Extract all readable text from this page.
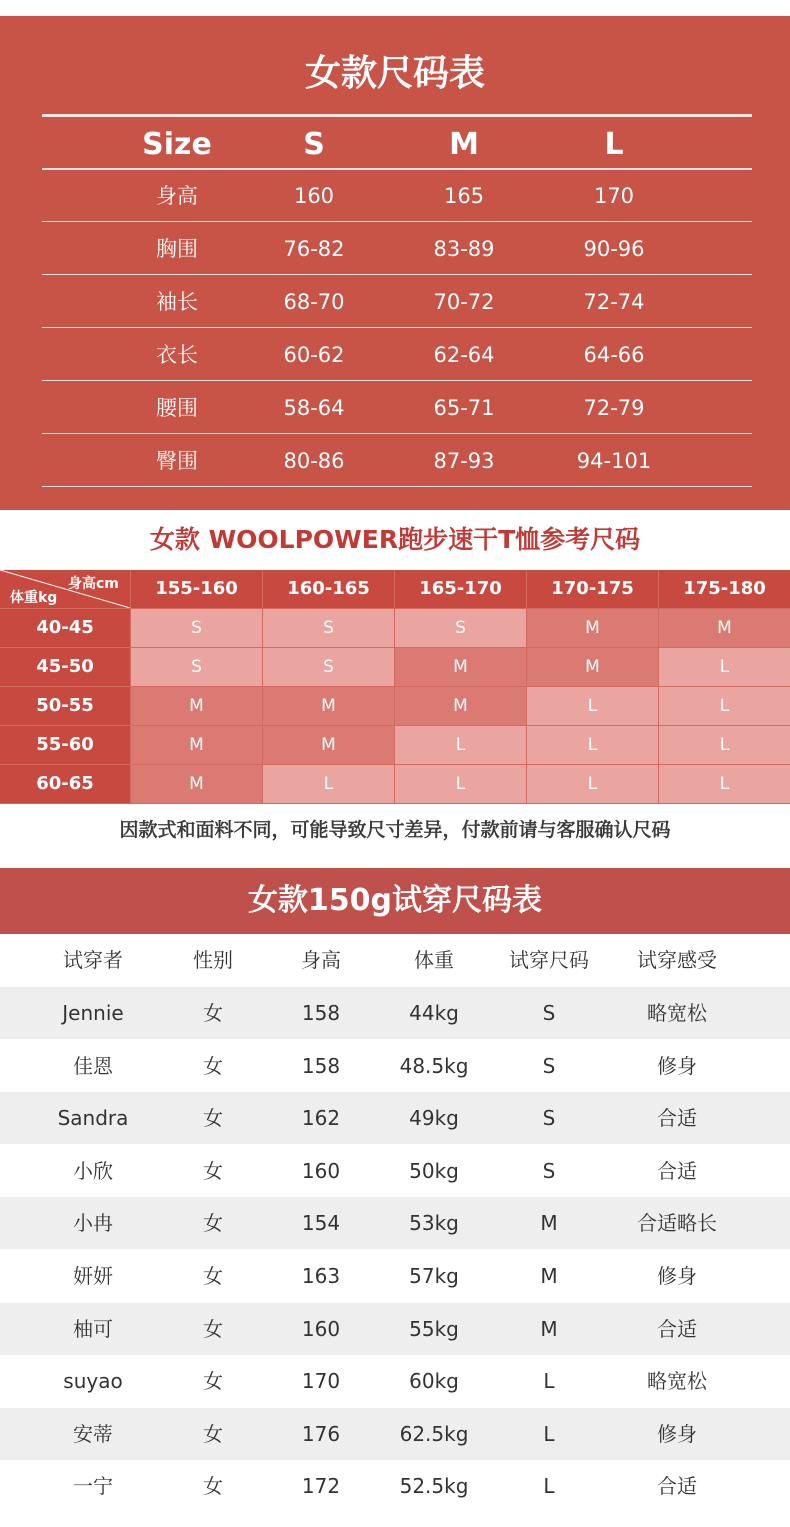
女款尺码表
Size	S	M	L
身高	160	165	170
胸围	76-82	83-89	90-96
袖长	68-70	70-72	72-74
衣长	60-62	62-64	64-66
腰围	58-64	65-71	72-79
臀围	80-86	87-93	94-101
女款 WOOLPOWER跑步速干T恤参考尺码
体重kg
身高cm	155-160	160-165	165-170	170-175	175-180
40-45	S	S	S	M	M
45-50	S	S	M	M	L
50-55	M	M	M	L	L
55-60	M	M	L	L	L
60-65	M	L	L	L	L
因款式和面料不同，可能导致尺寸差异，付款前请与客服确认尺码
女款150g试穿尺码表
试穿者	性别	身高	体重	试穿尺码	试穿感受
Jennie	女	158	44kg	S	略宽松
佳恩	女	158	48.5kg	S	修身
Sandra	女	162	49kg	S	合适
小欣	女	160	50kg	S	合适
小冉	女	154	53kg	M	合适略长
妍妍	女	163	57kg	M	修身
柚可	女	160	55kg	M	合适
suyao	女	170	60kg	L	略宽松
安蒂	女	176	62.5kg	L	修身
一宁	女	172	52.5kg	L	合适
